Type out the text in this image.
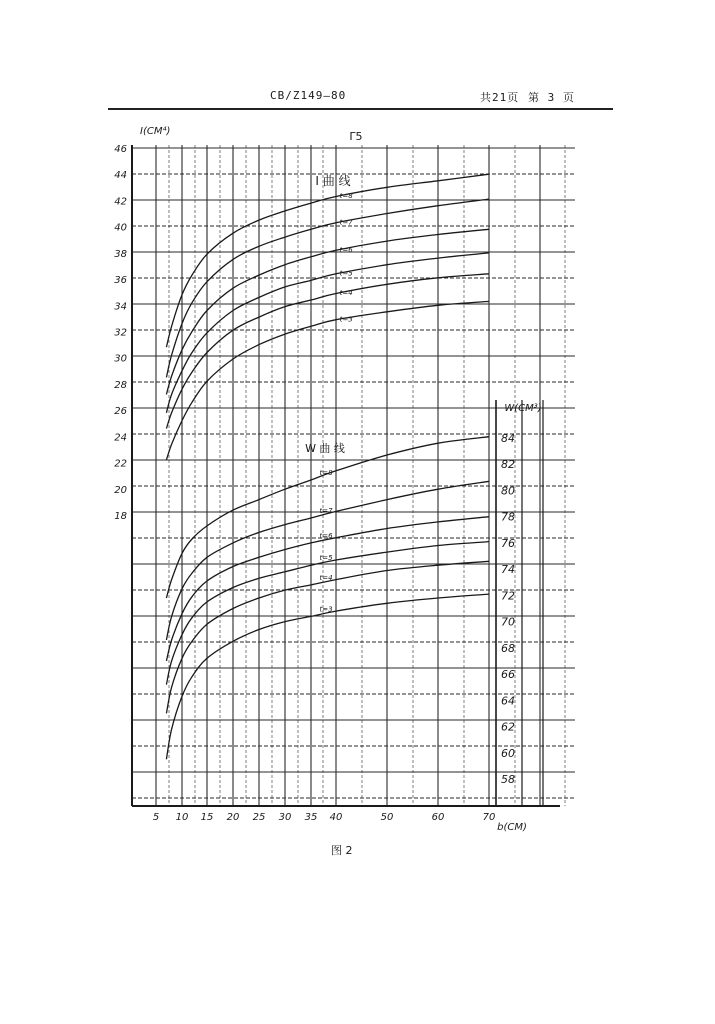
CB/Z149—80	共21页 第 3 页
5 10 15 20 25 30 35 40	50	60	70
b(CM)
18
20
22
24
26
28
30
32
34
36
38
40
42
44
46
I(CM⁴)
58
60
62
64
66
68
70
72
74
76
78
80
82
84
W(CM³)
I 曲 线
W 曲 线
Γ5
t=8
t=7
t=6
t=5
t=4
t=3
t=8
t=7
t=6
t=5
t=4
t=3
图 2
